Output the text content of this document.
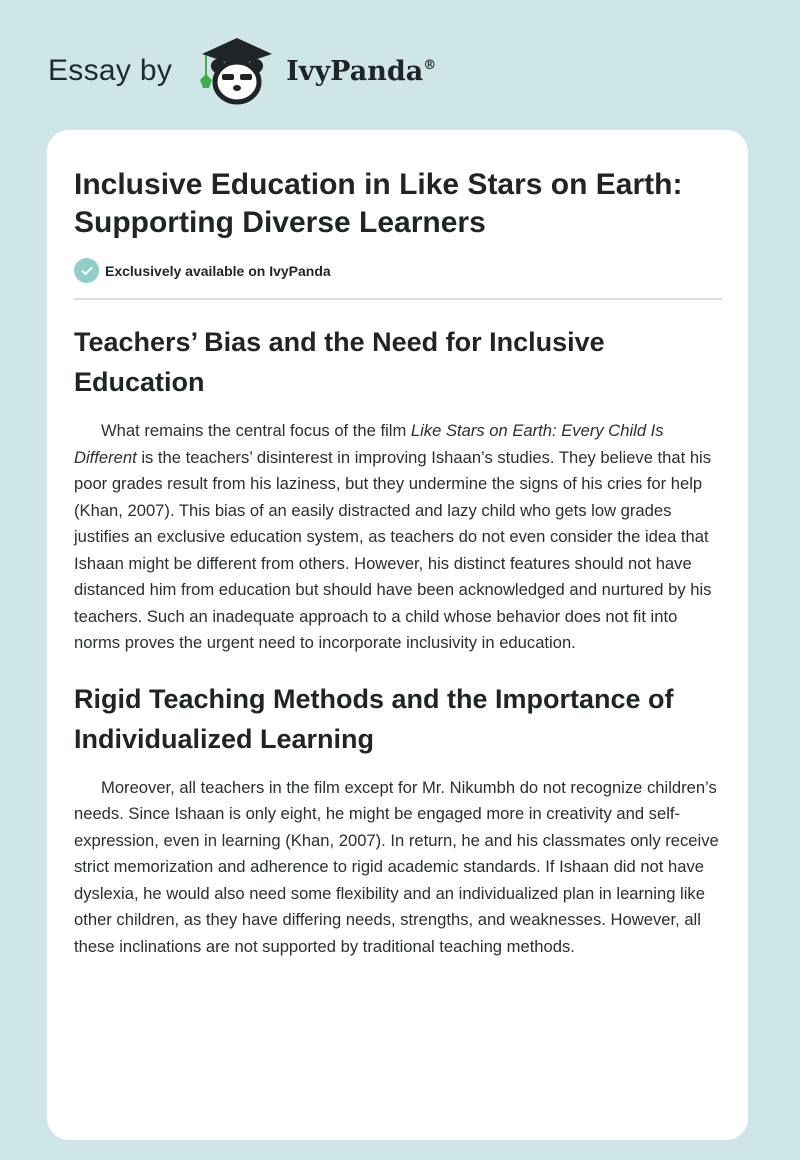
Essay by	IvyPanda®
Inclusive Education in Like Stars on Earth: Supporting Diverse Learners
Exclusively available on IvyPanda
Teachers’ Bias and the Need for Inclusive Education

What remains the central focus of the film Like Stars on Earth: Every Child Is Different is the teachers’ disinterest in improving Ishaan’s studies. They believe that his poor grades result from his laziness, but they undermine the signs of his cries for help (Khan, 2007). This bias of an easily distracted and lazy child who gets low grades justifies an exclusive education system, as teachers do not even consider the idea that Ishaan might be different from others. However, his distinct features should not have distanced him from education but should have been acknowledged and nurtured by his teachers. Such an inadequate approach to a child whose behavior does not fit into norms proves the urgent need to incorporate inclusivity in education.

Rigid Teaching Methods and the Importance of Individualized Learning

Moreover, all teachers in the film except for Mr. Nikumbh do not recognize children’s needs. Since Ishaan is only eight, he might be engaged more in creativity and self-expression, even in learning (Khan, 2007). In return, he and his classmates only receive strict memorization and adherence to rigid academic standards. If Ishaan did not have dyslexia, he would also need some flexibility and an individualized plan in learning like other children, as they have differing needs, strengths, and weaknesses. However, all these inclinations are not supported by traditional teaching methods.
